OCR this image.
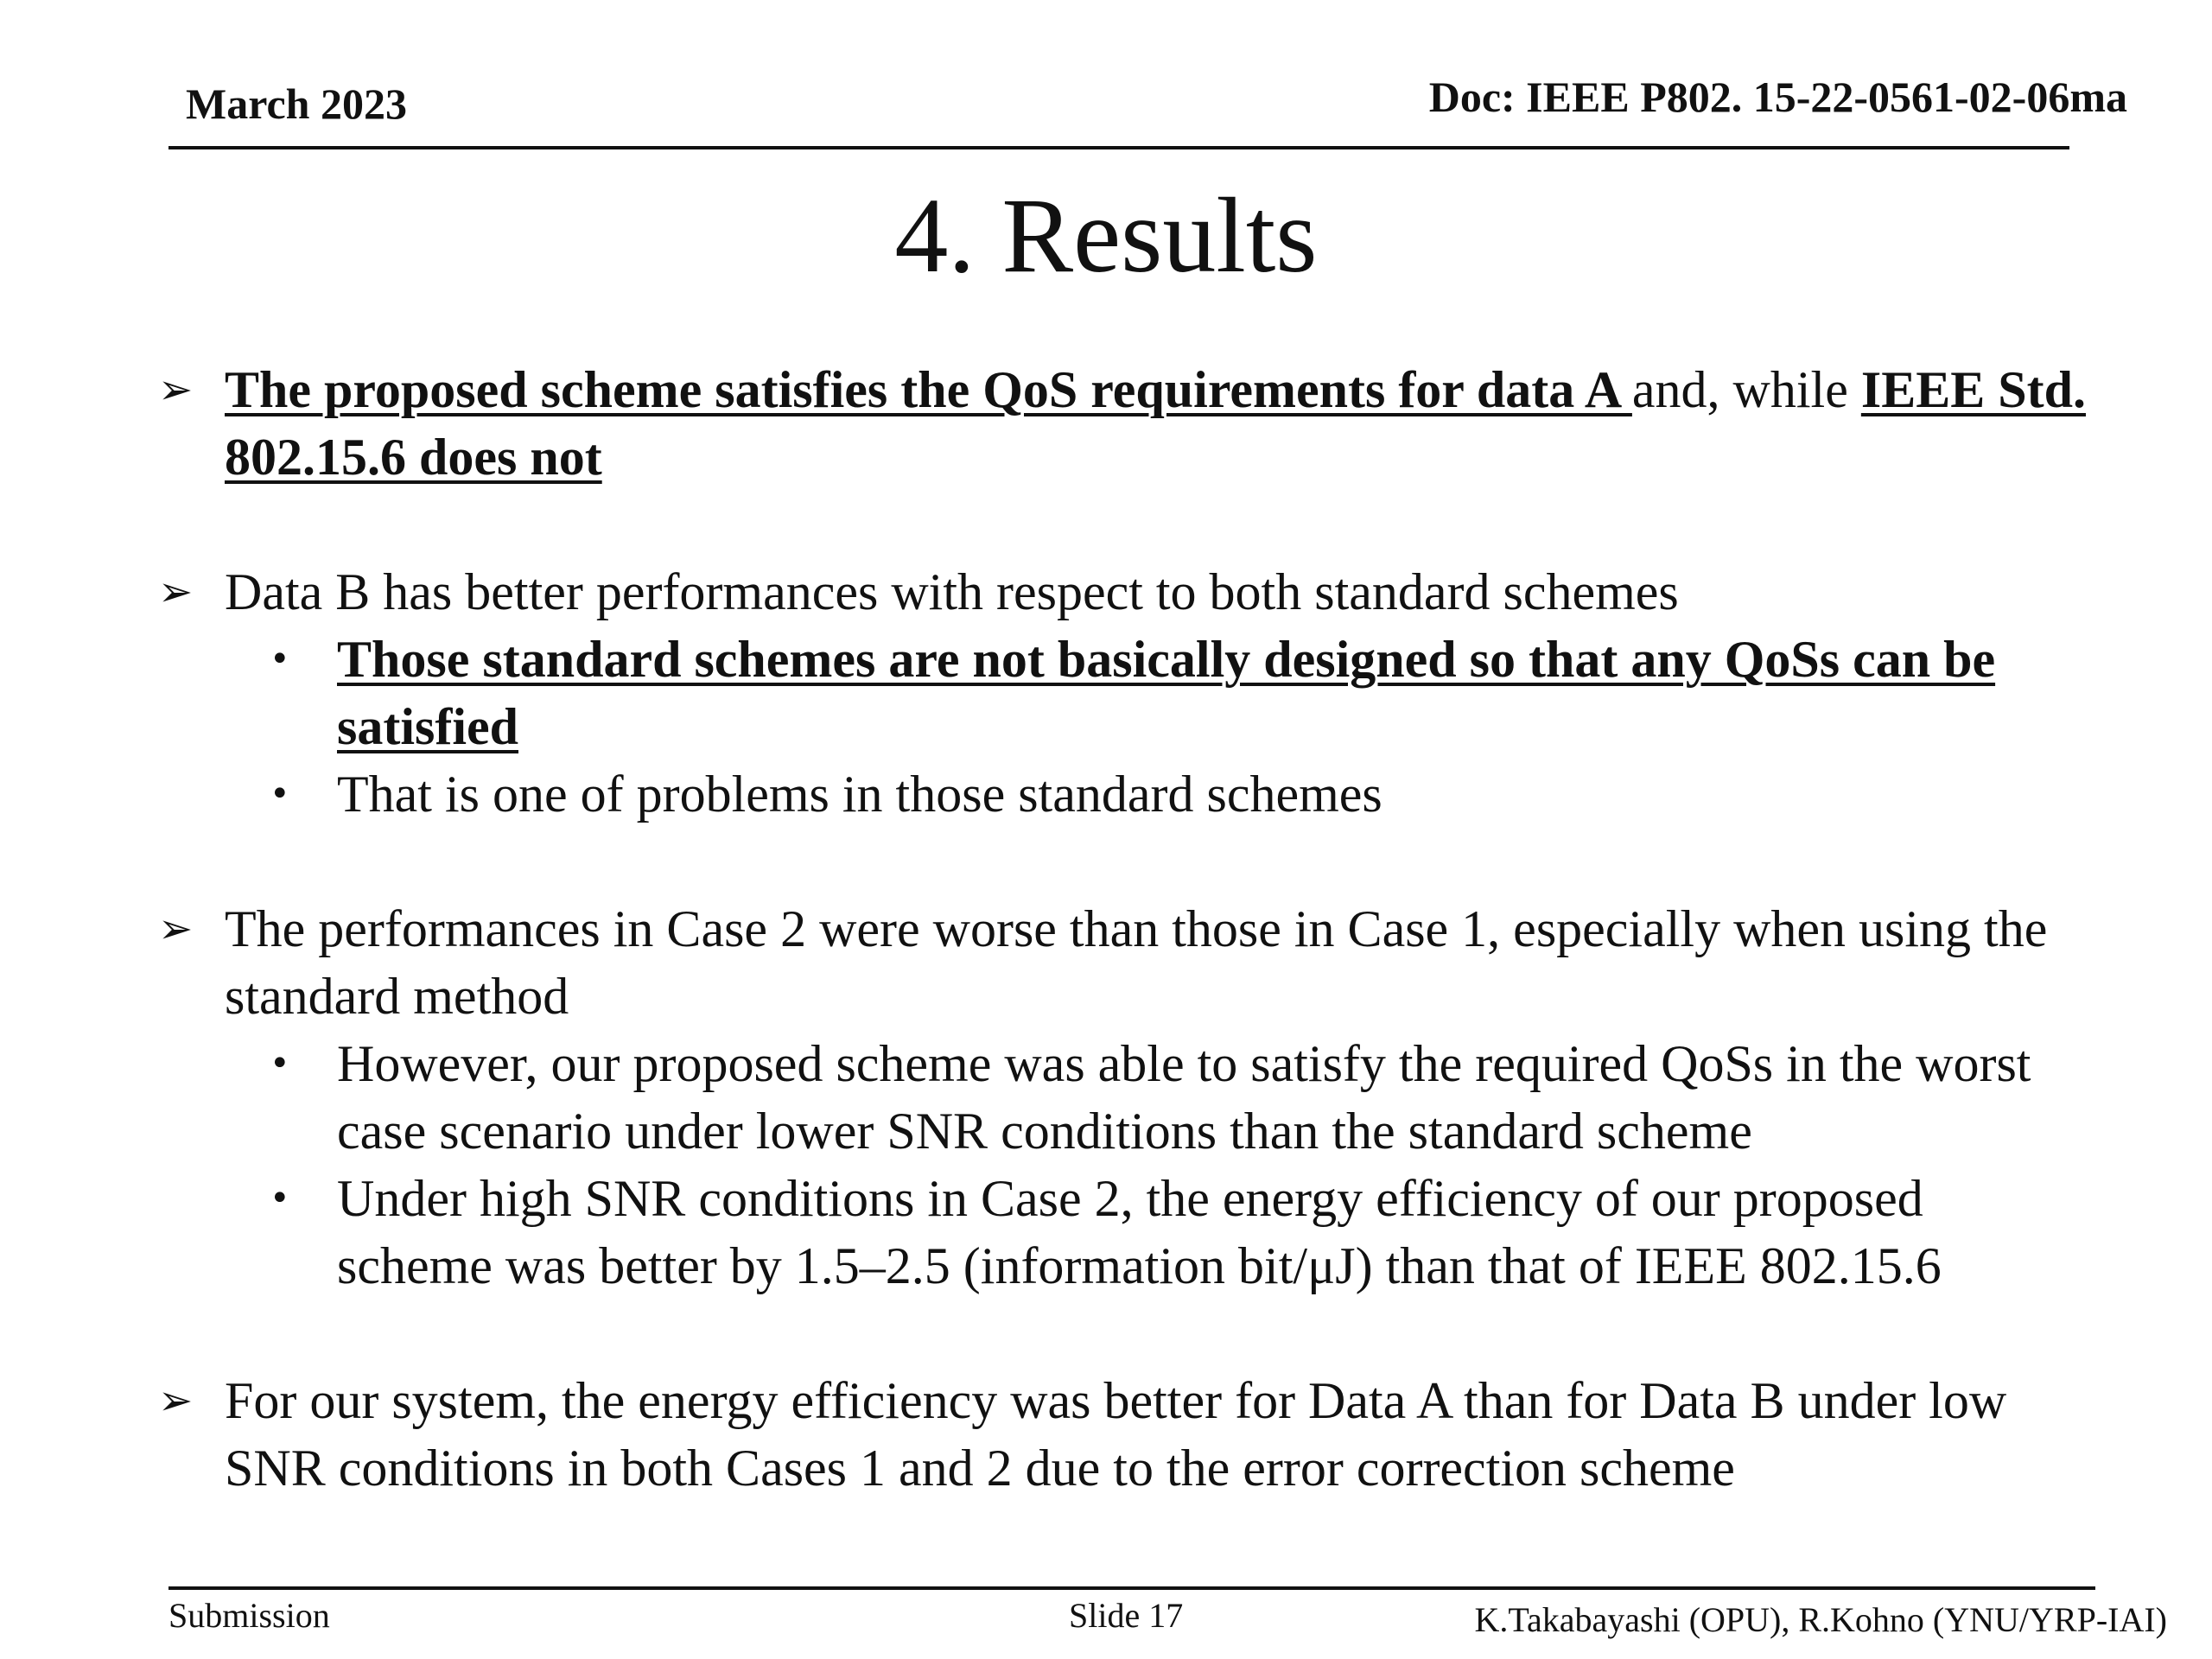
March 2023	Doc: IEEE P802. 15-22-0561-02-06ma
4. Results
➢ The proposed scheme satisfies the QoS requirements for data A and, while IEEE Std. 802.15.6 does not
➢ Data B has better performances with respect to both standard schemes
• Those standard schemes are not basically designed so that any QoSs can be satisfied
• That is one of problems in those standard schemes
➢ The performances in Case 2 were worse than those in Case 1, especially when using the standard method
• However, our proposed scheme was able to satisfy the required QoSs in the worst case scenario under lower SNR conditions than the standard scheme
• Under high SNR conditions in Case 2, the energy efficiency of our proposed scheme was better by 1.5–2.5 (information bit/μJ) than that of IEEE 802.15.6
➢ For our system, the energy efficiency was better for Data A than for Data B under low SNR conditions in both Cases 1 and 2 due to the error correction scheme
Submission	Slide 17	K.Takabayashi (OPU), R.Kohno (YNU/YRP-IAI)
